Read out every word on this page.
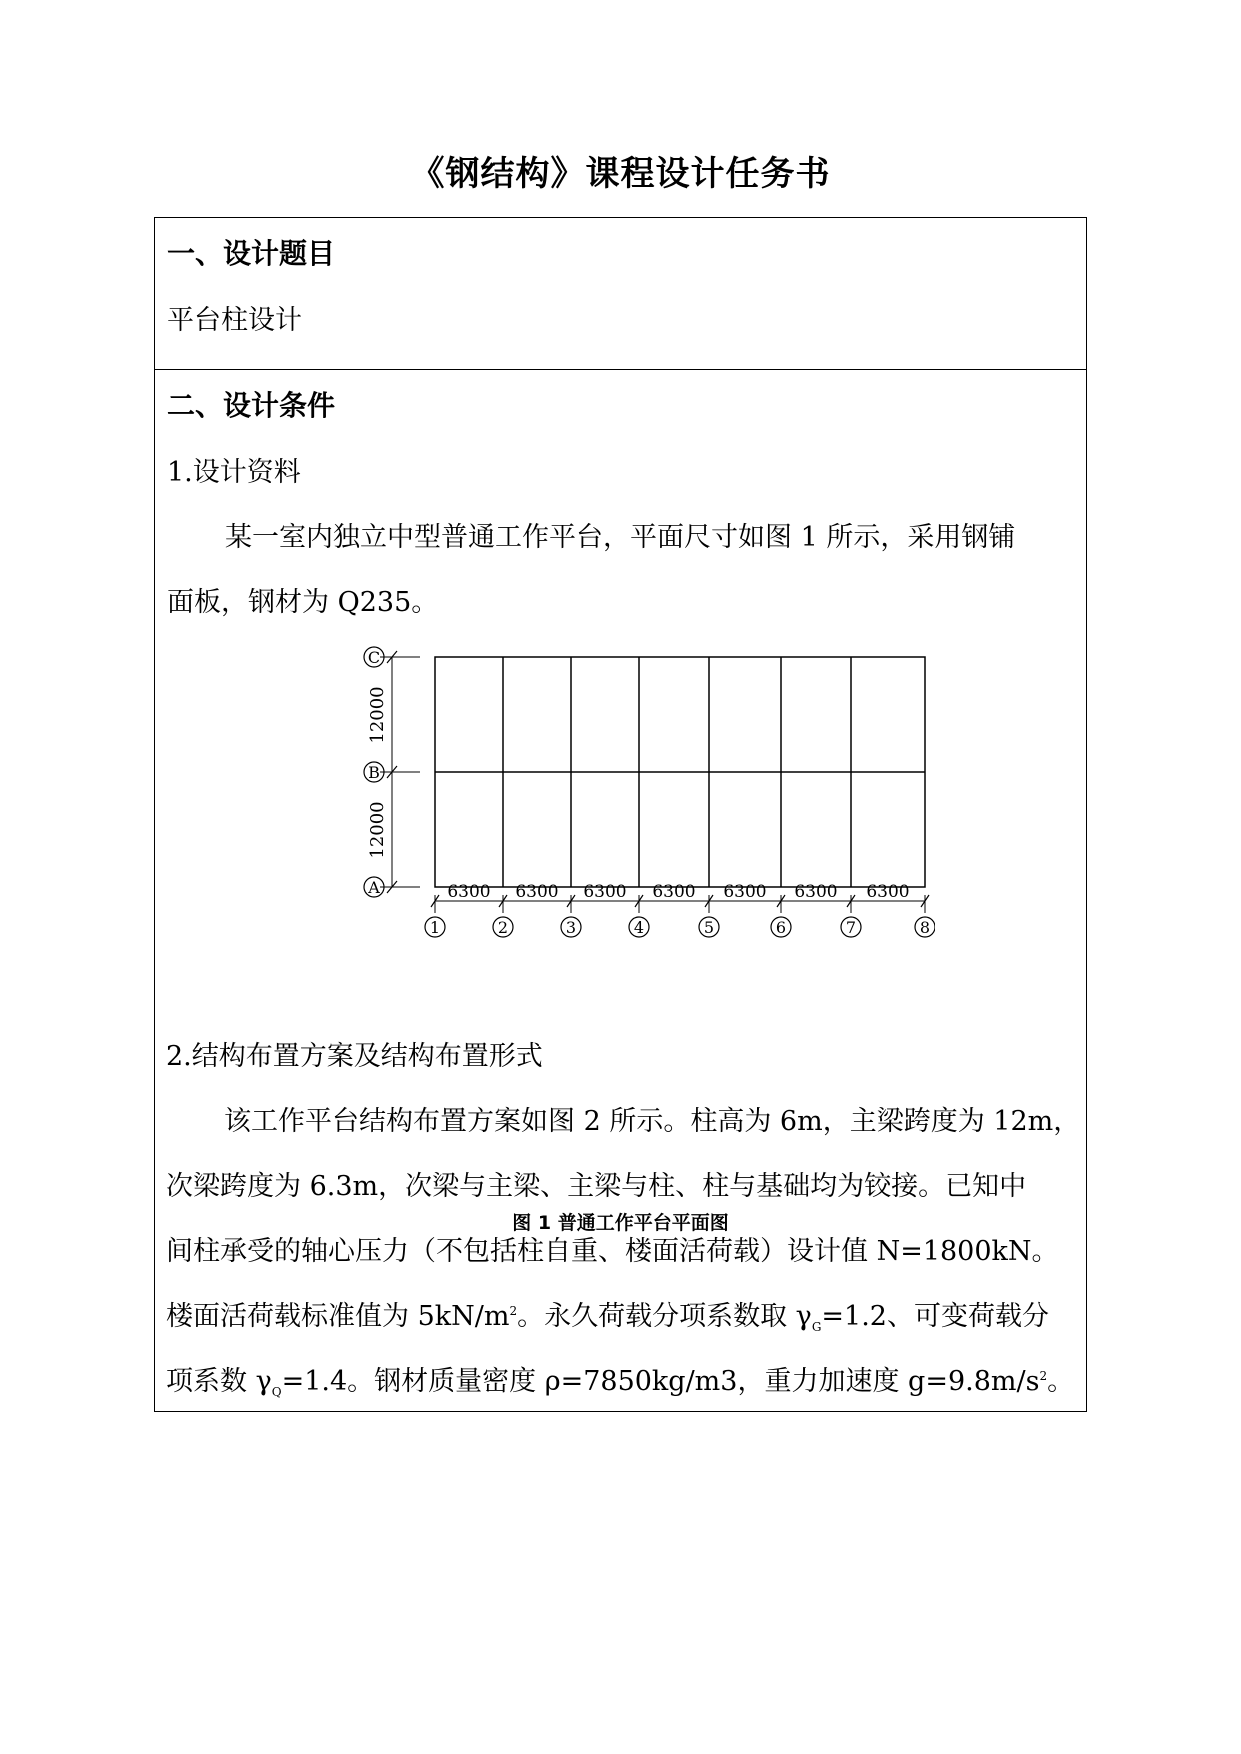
《钢结构》课程设计任务书
一、设计题目
平台柱设计
二、设计条件
1.设计资料
某一室内独立中型普通工作平台，平面尺寸如图 1 所示，采用钢铺
面板，钢材为 Q235。
C
B
A
12000
12000
6300 6300 6300 6300 6300 6300 6300
1	2	3	4	5	6	7	8
图 1 普通工作平台平面图
2.结构布置方案及结构布置形式
该工作平台结构布置方案如图 2 所示。柱高为 6m，主梁跨度为 12m，
次梁跨度为 6.3m，次梁与主梁、主梁与柱、柱与基础均为铰接。已知中
间柱承受的轴心压力（不包括柱自重、楼面活荷载）设计值 N=1800kN。
楼面活荷载标准值为 $5kN/m^2$。永久荷载分项系数取 $\gamma_G=1.2$、可变荷载分
项系数 $\gamma_Q=1.4$。钢材质量密度 ρ=7850kg/m3，重力加速度 $g=9.8m/s^2$。
